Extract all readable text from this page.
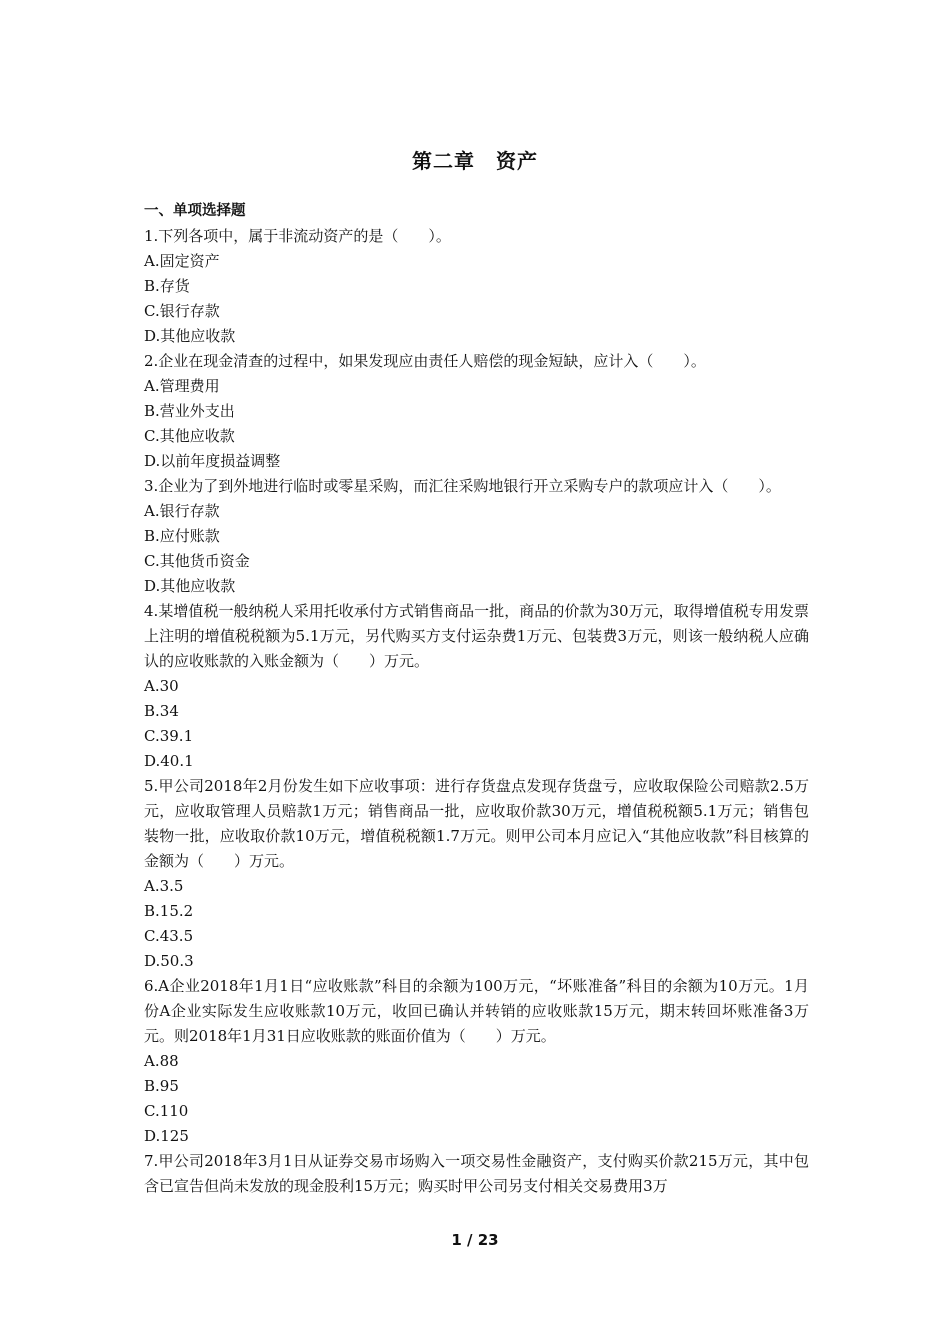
第二章　资产
一、单项选择题
1.下列各项中，属于非流动资产的是（　　）。
A.固定资产
B.存货
C.银行存款
D.其他应收款
2.企业在现金清查的过程中，如果发现应由责任人赔偿的现金短缺，应计入（　　）。
A.管理费用
B.营业外支出
C.其他应收款
D.以前年度损益调整
3.企业为了到外地进行临时或零星采购，而汇往采购地银行开立采购专户的款项应计入（　　）。
A.银行存款
B.应付账款
C.其他货币资金
D.其他应收款
4.某增值税一般纳税人采用托收承付方式销售商品一批，商品的价款为30万元，取得增值税专用发票上注明的增值税税额为5.1万元，另代购买方支付运杂费1万元、包装费3万元，则该一般纳税人应确认的应收账款的入账金额为（　　）万元。
A.30
B.34
C.39.1
D.40.1
5.甲公司2018年2月份发生如下应收事项：进行存货盘点发现存货盘亏，应收取保险公司赔款2.5万元，应收取管理人员赔款1万元；销售商品一批，应收取价款30万元，增值税税额5.1万元；销售包装物一批，应收取价款10万元，增值税税额1.7万元。则甲公司本月应记入“其他应收款”科目核算的金额为（　　）万元。
A.3.5
B.15.2
C.43.5
D.50.3
6.A企业2018年1月1日“应收账款”科目的余额为100万元，“坏账准备”科目的余额为10万元。1月份A企业实际发生应收账款10万元，收回已确认并转销的应收账款15万元，期末转回坏账准备3万元。则2018年1月31日应收账款的账面价值为（　　）万元。
A.88
B.95
C.110
D.125
7.甲公司2018年3月1日从证券交易市场购入一项交易性金融资产，支付购买价款215万元，其中包含已宣告但尚未发放的现金股利15万元；购买时甲公司另支付相关交易费用3万
1 / 23
